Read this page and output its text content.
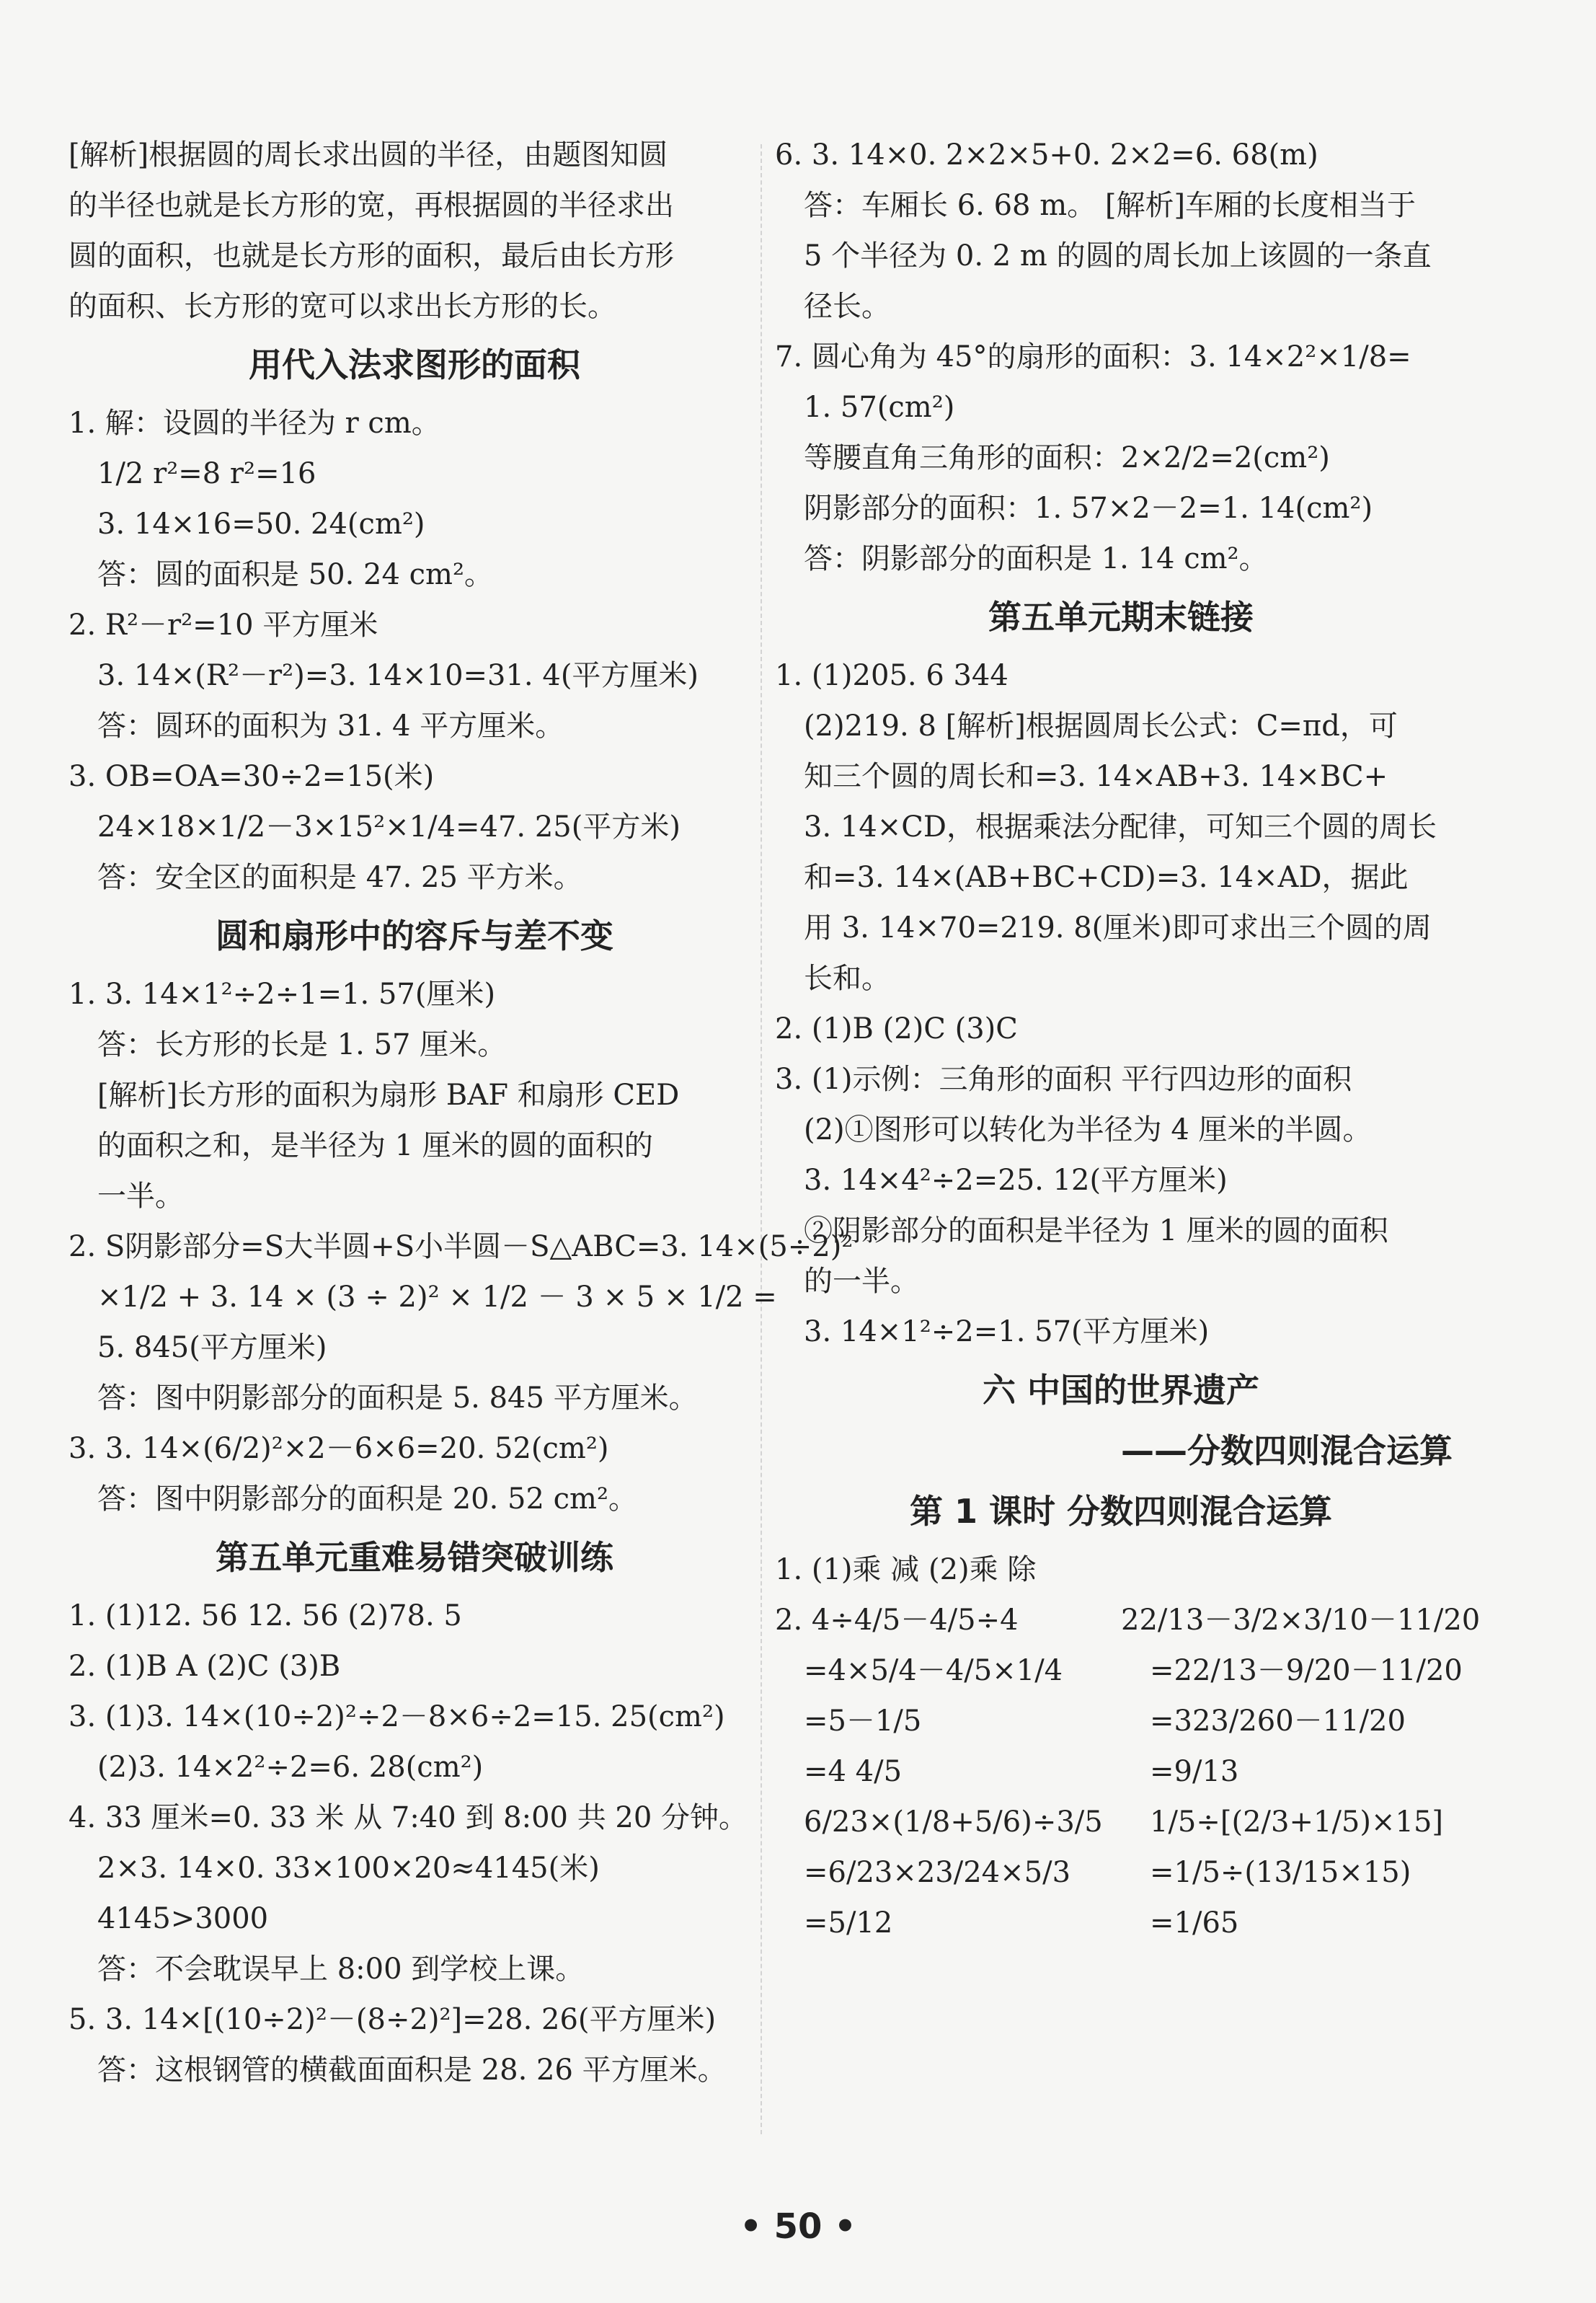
[解析]根据圆的周长求出圆的半径，由题图知圆

的半径也就是长方形的宽，再根据圆的半径求出

圆的面积，也就是长方形的面积，最后由长方形

的面积、长方形的宽可以求出长方形的长。

用代入法求图形的面积

1. 解：设圆的半径为 r cm。

1/2 r²=8 r²=16

3. 14×16=50. 24(cm²)

答：圆的面积是 50. 24 cm²。

2. R²－r²=10 平方厘米

3. 14×(R²－r²)=3. 14×10=31. 4(平方厘米)

答：圆环的面积为 31. 4 平方厘米。

3. OB=OA=30÷2=15(米)

24×18×1/2－3×15²×1/4=47. 25(平方米)

答：安全区的面积是 47. 25 平方米。

圆和扇形中的容斥与差不变

1. 3. 14×1²÷2÷1=1. 57(厘米)

答：长方形的长是 1. 57 厘米。

[解析]长方形的面积为扇形 BAF 和扇形 CED

的面积之和，是半径为 1 厘米的圆的面积的

一半。

2. S阴影部分=S大半圆+S小半圆－S△ABC=3. 14×(5÷2)²

×1/2 + 3. 14 × (3 ÷ 2)² × 1/2 － 3 × 5 × 1/2 =

5. 845(平方厘米)

答：图中阴影部分的面积是 5. 845 平方厘米。

3. 3. 14×(6/2)²×2－6×6=20. 52(cm²)

答：图中阴影部分的面积是 20. 52 cm²。

第五单元重难易错突破训练

1. (1)12. 56 12. 56 (2)78. 5

2. (1)B A (2)C (3)B

3. (1)3. 14×(10÷2)²÷2－8×6÷2=15. 25(cm²)

(2)3. 14×2²÷2=6. 28(cm²)

4. 33 厘米=0. 33 米 从 7:40 到 8:00 共 20 分钟。

2×3. 14×0. 33×100×20≈4145(米)

4145>3000

答：不会耽误早上 8:00 到学校上课。

5. 3. 14×[(10÷2)²－(8÷2)²]=28. 26(平方厘米)

答：这根钢管的横截面面积是 28. 26 平方厘米。

6. 3. 14×0. 2×2×5+0. 2×2=6. 68(m)

答：车厢长 6. 68 m。 [解析]车厢的长度相当于

5 个半径为 0. 2 m 的圆的周长加上该圆的一条直

径长。

7. 圆心角为 45°的扇形的面积：3. 14×2²×1/8=

1. 57(cm²)

等腰直角三角形的面积：2×2/2=2(cm²)

阴影部分的面积：1. 57×2－2=1. 14(cm²)

答：阴影部分的面积是 1. 14 cm²。

第五单元期末链接

1. (1)205. 6 344

(2)219. 8 [解析]根据圆周长公式：C=πd，可

知三个圆的周长和=3. 14×AB+3. 14×BC+

3. 14×CD，根据乘法分配律，可知三个圆的周长

和=3. 14×(AB+BC+CD)=3. 14×AD，据此

用 3. 14×70=219. 8(厘米)即可求出三个圆的周

长和。

2. (1)B (2)C (3)C

3. (1)示例：三角形的面积 平行四边形的面积

(2)①图形可以转化为半径为 4 厘米的半圆。

3. 14×4²÷2=25. 12(平方厘米)

②阴影部分的面积是半径为 1 厘米的圆的面积

的一半。

3. 14×1²÷2=1. 57(平方厘米)

六 中国的世界遗产
——分数四则混合运算
第 1 课时 分数四则混合运算

1. (1)乘 减 (2)乘 除

2. 4÷4/5－4/5÷4	22/13－3/2×3/10－11/20

=4×5/4－4/5×1/4	=22/13－9/20－11/20

=5－1/5	=323/260－11/20

=4 4/5	=9/13

6/23×(1/8+5/6)÷3/5	1/5÷[(2/3+1/5)×15]

=6/23×23/24×5/3	=1/5÷(13/15×15)

=5/12	=1/65

• 50 •
